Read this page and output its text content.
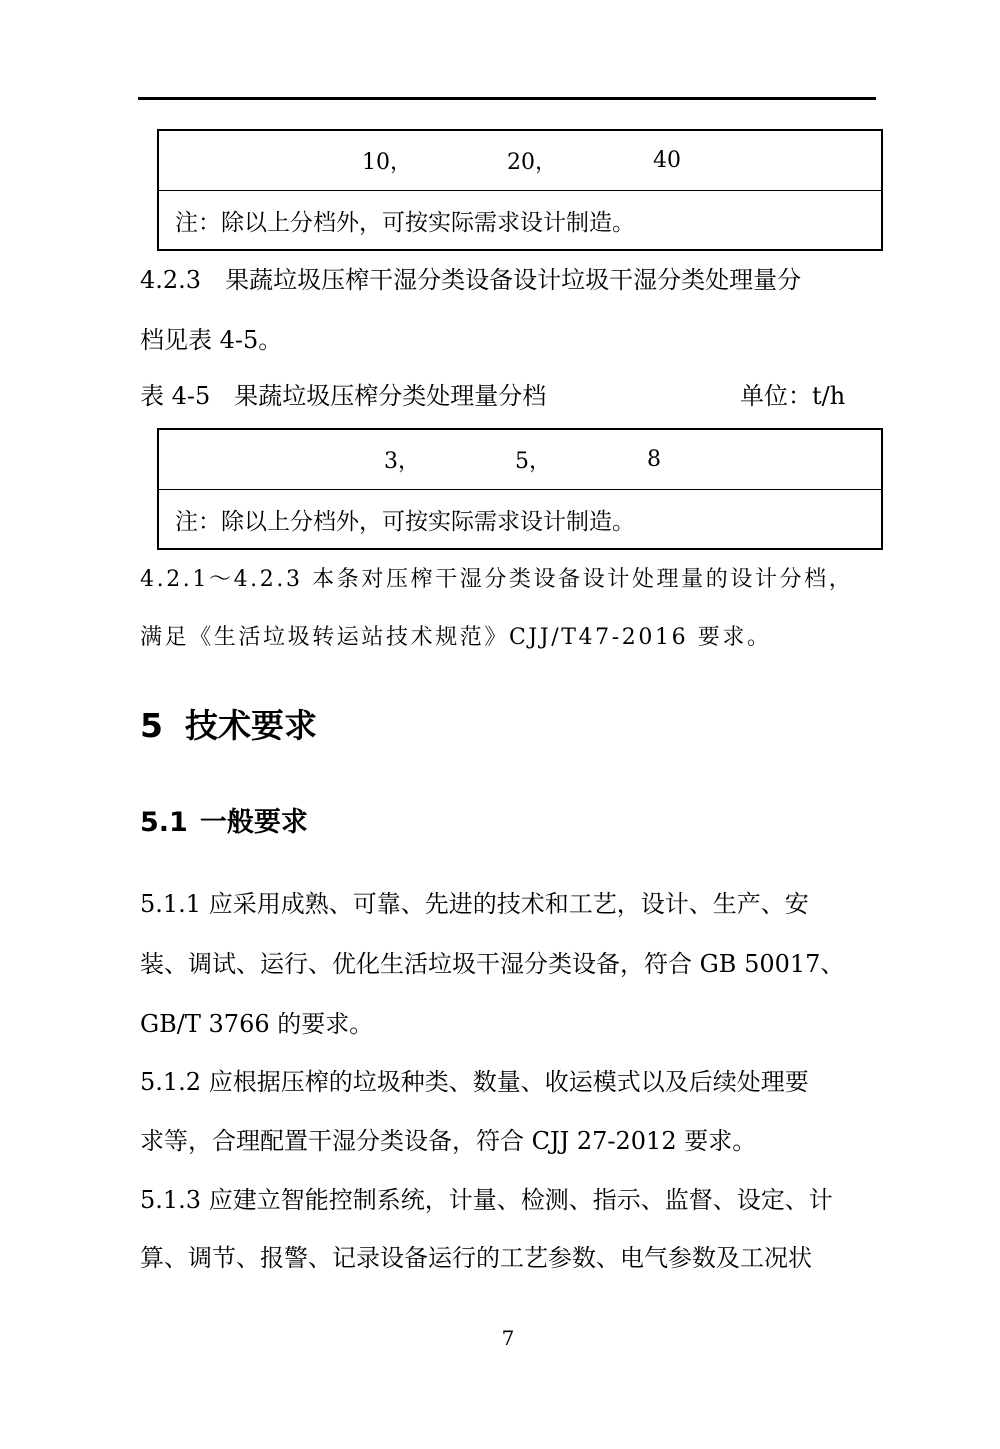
10，	20，	40
注：除以上分档外，可按实际需求设计制造。
4.2.3　果蔬垃圾压榨干湿分类设备设计垃圾干湿分类处理量分
档见表 4-5。
表 4-5　果蔬垃圾压榨分类处理量分档	单位：t/h
3，	5，	8
注：除以上分档外，可按实际需求设计制造。
4.2.1～4.2.3 本条对压榨干湿分类设备设计处理量的设计分档，
满足《生活垃圾转运站技术规范》CJJ/T47-2016 要求。
5 技术要求
5.1 一般要求
5.1.1 应采用成熟、可靠、先进的技术和工艺，设计、生产、安
装、调试、运行、优化生活垃圾干湿分类设备，符合 GB 50017、
GB/T 3766 的要求。
5.1.2 应根据压榨的垃圾种类、数量、收运模式以及后续处理要
求等，合理配置干湿分类设备，符合 CJJ 27-2012 要求。
5.1.3 应建立智能控制系统，计量、检测、指示、监督、设定、计
算、调节、报警、记录设备运行的工艺参数、电气参数及工况状
7
